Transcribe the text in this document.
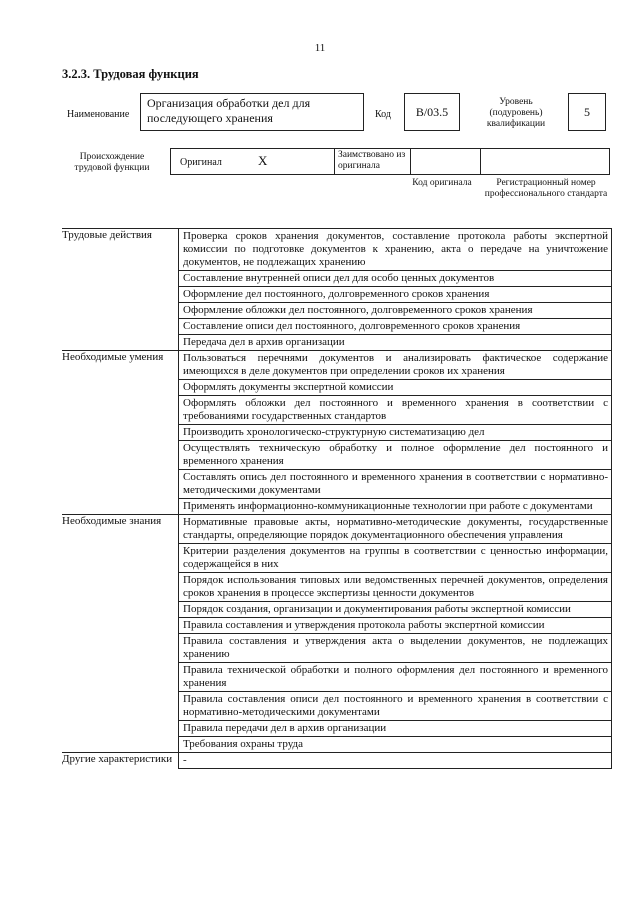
11
3.2.3. Трудовая функция
Наименование
Организация обработки дел для последующего хранения	Код	B/03.5
Уровень (подуровень) квалификации
5
Происхождение трудовой функции	Оригинал	X	Заимствовано из оригинала
Код оригинала	Регистрационный номер профессионального стандарта
Трудовые действия	Проверка сроков хранения документов, составление протокола работы экспертной комиссии по подготовке документов к хранению, акта о передаче на уничтожение документов, не подлежащих хранению
	Составление внутренней описи дел для особо ценных документов
	Оформление дел постоянного, долговременного сроков хранения
	Оформление обложки дел постоянного, долговременного сроков хранения
	Составление описи дел постоянного, долговременного сроков хранения
	Передача дел в архив организации
Необходимые умения	Пользоваться перечнями документов и анализировать фактическое содержание имеющихся в деле документов при определении сроков их хранения
	Оформлять документы экспертной комиссии
	Оформлять обложки дел постоянного и временного хранения в соответствии с требованиями государственных стандартов
	Производить хронологическо-структурную систематизацию дел
	Осуществлять техническую обработку и полное оформление дел постоянного и временного хранения
	Составлять опись дел постоянного и временного хранения в соответствии с нормативно-методическими документами
	Применять информационно-коммуникационные технологии при работе с документами
Необходимые знания	Нормативные правовые акты, нормативно-методические документы, государственные стандарты, определяющие порядок документационного обеспечения управления
	Критерии разделения документов на группы в соответствии с ценностью информации, содержащейся в них
	Порядок использования типовых или ведомственных перечней документов, определения сроков хранения в процессе экспертизы ценности документов
	Порядок создания, организации и документирования работы экспертной комиссии
	Правила составления и утверждения протокола работы экспертной комиссии
	Правила составления и утверждения акта о выделении документов, не подлежащих хранению
	Правила технической обработки и полного оформления дел постоянного и временного хранения
	Правила составления описи дел постоянного и временного хранения в соответствии с нормативно-методическими документами
	Правила передачи дел в архив организации
	Требования охраны труда
Другие характеристики	-
